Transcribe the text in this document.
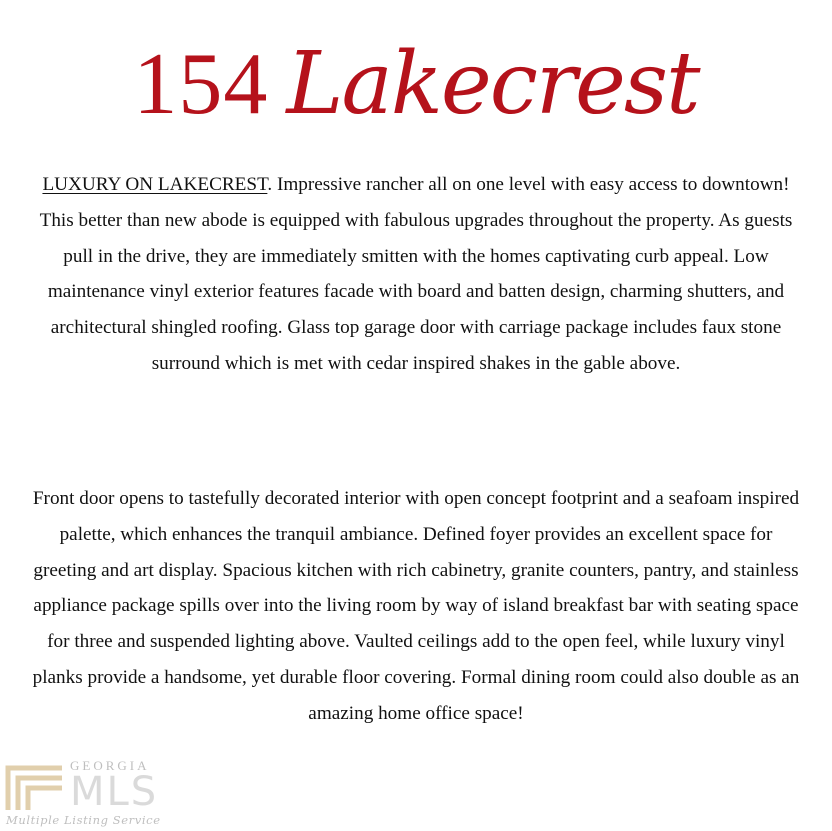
154 Lakecrest

LUXURY ON LAKECREST. Impressive rancher all on one level with easy access to downtown! This better than new abode is equipped with fabulous upgrades throughout the property. As guests pull in the drive, they are immediately smitten with the homes captivating curb appeal. Low maintenance vinyl exterior features facade with board and batten design, charming shutters, and architectural shingled roofing. Glass top garage door with carriage package includes faux stone surround which is met with cedar inspired shakes in the gable above.

Front door opens to tastefully decorated interior with open concept footprint and a seafoam inspired palette, which enhances the tranquil ambiance. Defined foyer provides an excellent space for greeting and art display. Spacious kitchen with rich cabinetry, granite counters, pantry, and stainless appliance package spills over into the living room by way of island breakfast bar with seating space for three and suspended lighting above. Vaulted ceilings add to the open feel, while luxury vinyl planks provide a handsome, yet durable floor covering. Formal dining room could also double as an amazing home office space!

GEORGIA
MLS
Multiple Listing Service
